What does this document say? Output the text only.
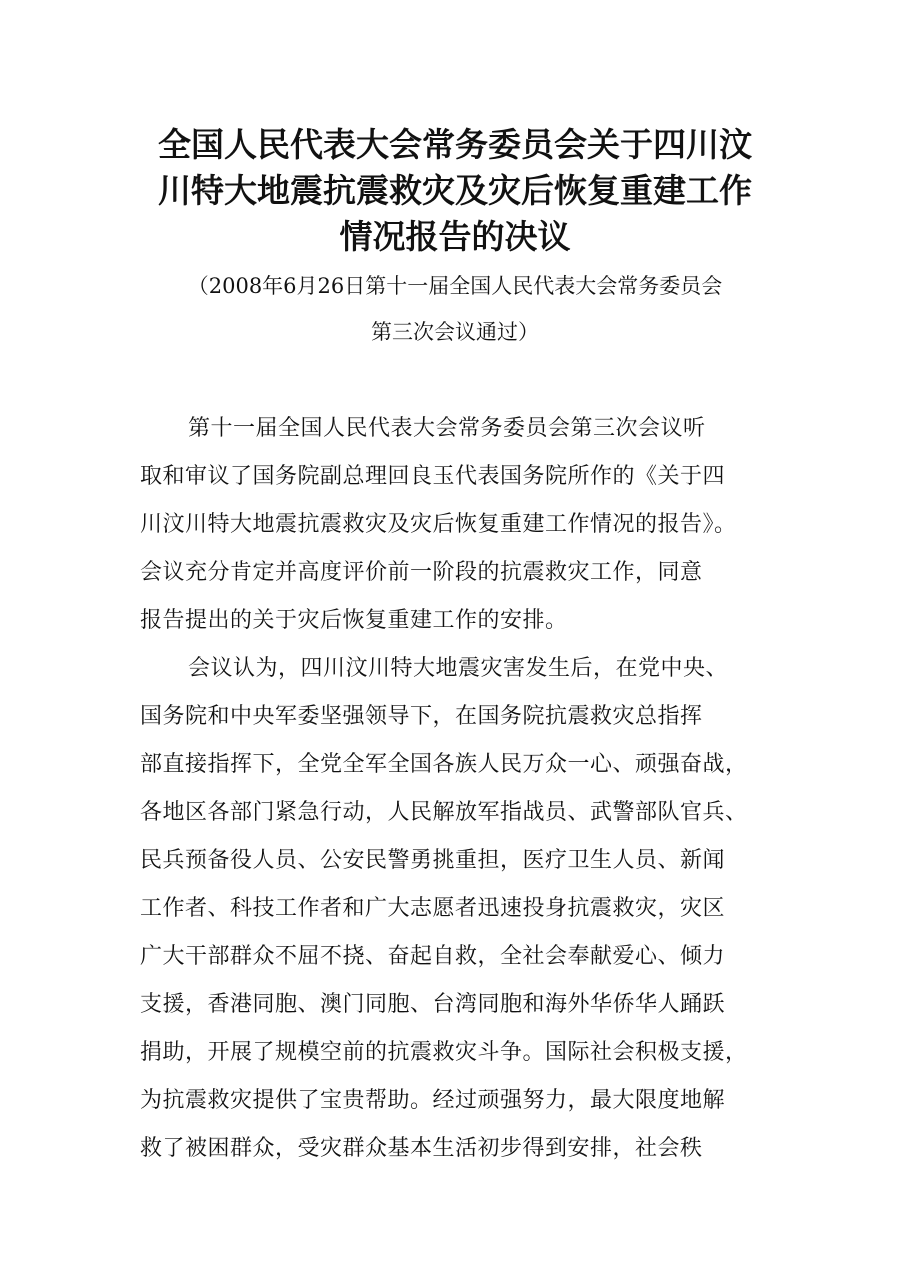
全国人民代表大会常务委员会关于四川汶
川特大地震抗震救灾及灾后恢复重建工作
情况报告的决议

（2008年6月26日第十一届全国人民代表大会常务委员会

第三次会议通过）

第十一届全国人民代表大会常务委员会第三次会议听

取和审议了国务院副总理回良玉代表国务院所作的《关于四

川汶川特大地震抗震救灾及灾后恢复重建工作情况的报告》。

会议充分肯定并高度评价前一阶段的抗震救灾工作，同意

报告提出的关于灾后恢复重建工作的安排。

会议认为，四川汶川特大地震灾害发生后，在党中央、

国务院和中央军委坚强领导下，在国务院抗震救灾总指挥

部直接指挥下，全党全军全国各族人民万众一心、顽强奋战，

各地区各部门紧急行动，人民解放军指战员、武警部队官兵、

民兵预备役人员、公安民警勇挑重担，医疗卫生人员、新闻

工作者、科技工作者和广大志愿者迅速投身抗震救灾，灾区

广大干部群众不屈不挠、奋起自救，全社会奉献爱心、倾力

支援，香港同胞、澳门同胞、台湾同胞和海外华侨华人踊跃

捐助，开展了规模空前的抗震救灾斗争。国际社会积极支援，

为抗震救灾提供了宝贵帮助。经过顽强努力，最大限度地解

救了被困群众，受灾群众基本生活初步得到安排，社会秩
